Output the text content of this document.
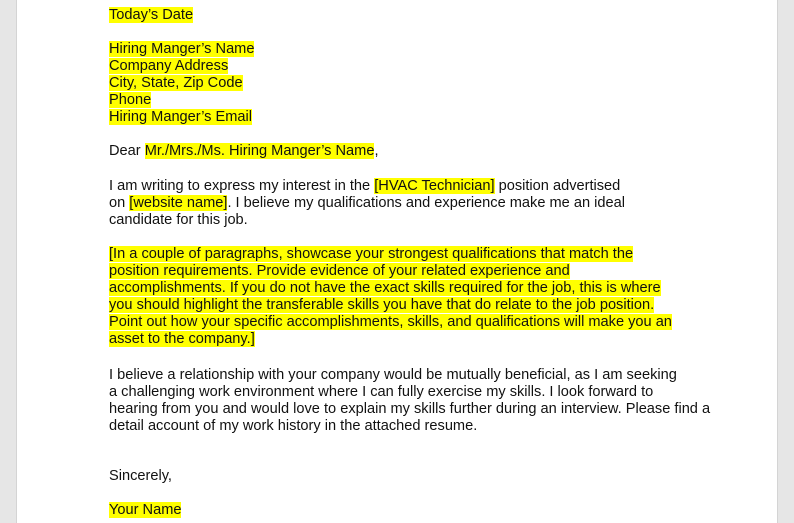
Today’s Date

Hiring Manger’s Name

Company Address

City, State, Zip Code

Phone

Hiring Manger’s Email

Dear Mr./Mrs./Ms. Hiring Manger’s Name,

I am writing to express my interest in the [HVAC Technician] position advertised

on [website name]. I believe my qualifications and experience make me an ideal

candidate for this job.

[In a couple of paragraphs, showcase your strongest qualifications that match the

position requirements. Provide evidence of your related experience and

accomplishments. If you do not have the exact skills required for the job, this is where

you should highlight the transferable skills you have that do relate to the job position.

Point out how your specific accomplishments, skills, and qualifications will make you an

asset to the company.]

I believe a relationship with your company would be mutually beneficial, as I am seeking

a challenging work environment where I can fully exercise my skills. I look forward to

hearing from you and would love to explain my skills further during an interview. Please find a

detail account of my work history in the attached resume.

Sincerely,

Your Name
